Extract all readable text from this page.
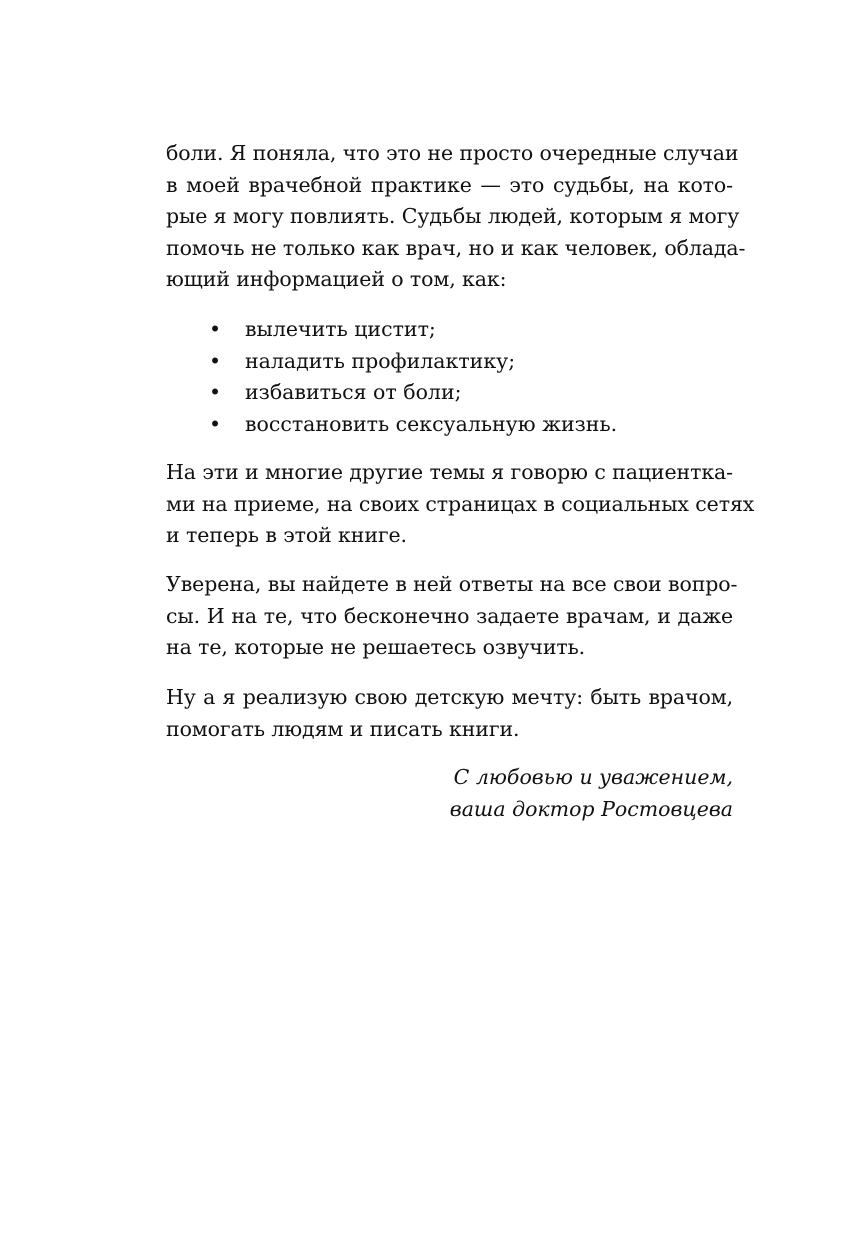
боли. Я поняла, что это не просто очередные случаи
в моей врачебной практике — это судьбы, на кото-
рые я могу повлиять. Судьбы людей, которым я могу
помочь не только как врач, но и как человек, облада-
ющий информацией о том, как:
• вылечить цистит;
• наладить профилактику;
• избавиться от боли;
• восстановить сексуальную жизнь.
На эти и многие другие темы я говорю с пациентка-
ми на приеме, на своих страницах в социальных сетях
и теперь в этой книге.
Уверена, вы найдете в ней ответы на все свои вопро-
сы. И на те, что бесконечно задаете врачам, и даже
на те, которые не решаетесь озвучить.
Ну а я реализую свою детскую мечту: быть врачом,
помогать людям и писать книги.
С любовью и уважением,
ваша доктор Ростовцева
